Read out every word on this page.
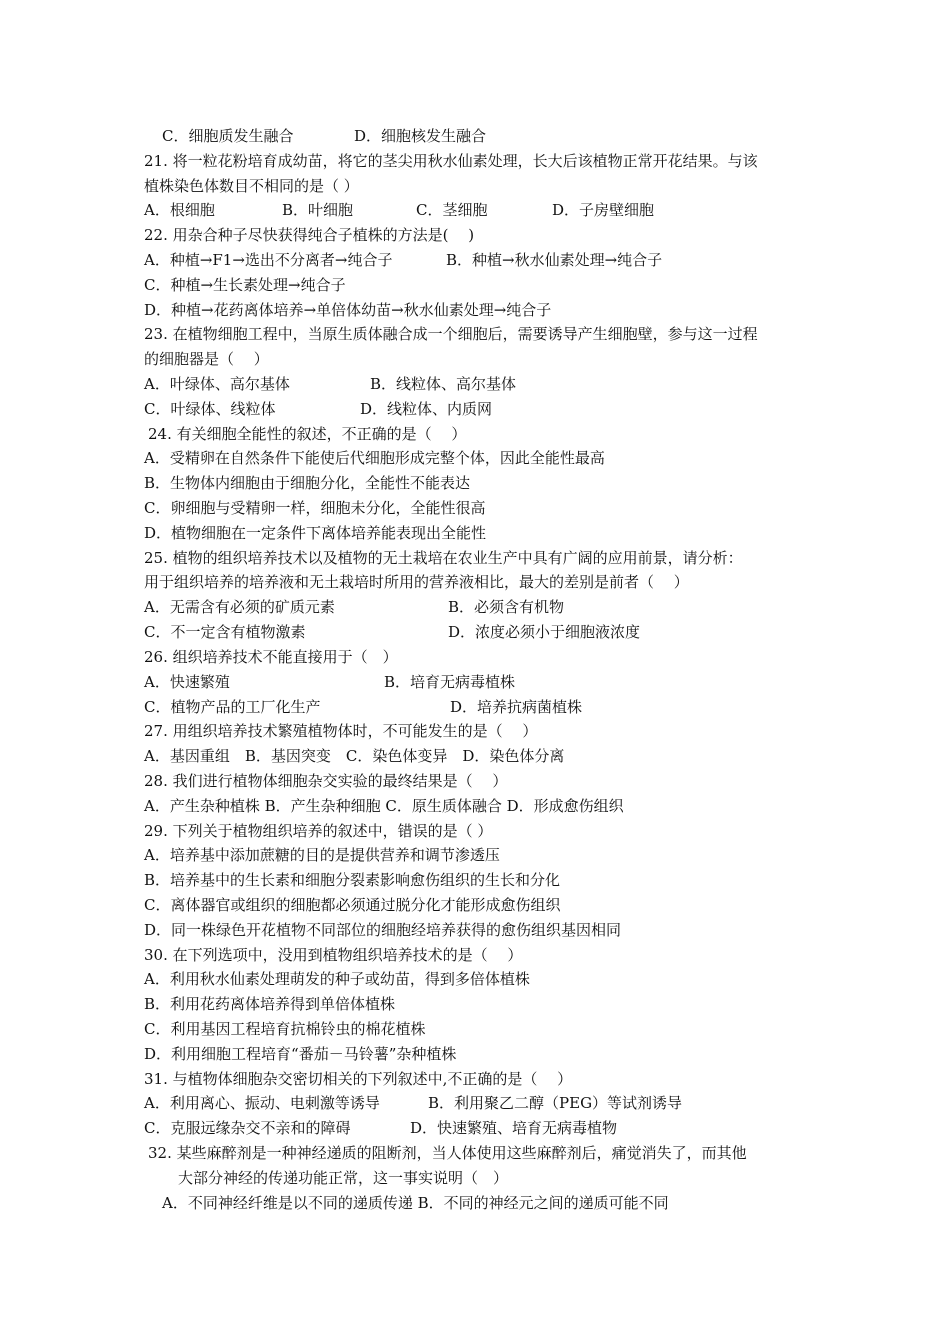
C．细胞质发生融合	D．细胞核发生融合
21. 将一粒花粉培育成幼苗，将它的茎尖用秋水仙素处理，长大后该植物正常开花结果。与该
植株染色体数目不相同的是（ ）
A．根细胞	B．叶细胞	C．茎细胞	D．子房壁细胞
22. 用杂合种子尽快获得纯合子植株的方法是(　 )
A．种植→F1→选出不分离者→纯合子	B．种植→秋水仙素处理→纯合子
C．种植→生长素处理→纯合子
D．种植→花药离体培养→单倍体幼苗→秋水仙素处理→纯合子
23. 在植物细胞工程中，当原生质体融合成一个细胞后，需要诱导产生细胞壁，参与这一过程
的细胞器是（　 ）
A．叶绿体、高尔基体	B．线粒体、高尔基体
C．叶绿体、线粒体	D．线粒体、内质网
24. 有关细胞全能性的叙述，不正确的是（　 ）
A．受精卵在自然条件下能使后代细胞形成完整个体，因此全能性最高
B．生物体内细胞由于细胞分化，全能性不能表达
C．卵细胞与受精卵一样，细胞未分化，全能性很高
D．植物细胞在一定条件下离体培养能表现出全能性
25. 植物的组织培养技术以及植物的无土栽培在农业生产中具有广阔的应用前景，请分析：
用于组织培养的培养液和无土栽培时所用的营养液相比，最大的差别是前者（　 ）
A．无需含有必须的矿质元素	B．必须含有机物
C．不一定含有植物激素	D．浓度必须小于细胞液浓度
26. 组织培养技术不能直接用于（　）
A．快速繁殖	B．培育无病毒植株
C．植物产品的工厂化生产	D．培养抗病菌植株
27. 用组织培养技术繁殖植物体时，不可能发生的是（　 ）
A．基因重组　B．基因突变　C．染色体变异　D．染色体分离
28. 我们进行植物体细胞杂交实验的最终结果是（　 ）
A．产生杂种植株 B．产生杂种细胞 C．原生质体融合 D．形成愈伤组织
29. 下列关于植物组织培养的叙述中，错误的是（ ）
A．培养基中添加蔗糖的目的是提供营养和调节渗透压
B．培养基中的生长素和细胞分裂素影响愈伤组织的生长和分化
C．离体器官或组织的细胞都必须通过脱分化才能形成愈伤组织
D．同一株绿色开花植物不同部位的细胞经培养获得的愈伤组织基因相同
30. 在下列选项中，没用到植物组织培养技术的是（　 ）
A．利用秋水仙素处理萌发的种子或幼苗，得到多倍体植株
B．利用花药离体培养得到单倍体植株
C．利用基因工程培育抗棉铃虫的棉花植株
D．利用细胞工程培育“番茄－马铃薯”杂种植株
31. 与植物体细胞杂交密切相关的下列叙述中,不正确的是（　 ）
A．利用离心、振动、电刺激等诱导	B．利用聚乙二醇（PEG）等试剂诱导
C．克服远缘杂交不亲和的障碍	D．快速繁殖、培育无病毒植物
32. 某些麻醉剂是一种神经递质的阻断剂，当人体使用这些麻醉剂后，痛觉消失了，而其他
大部分神经的传递功能正常，这一事实说明（　）
A．不同神经纤维是以不同的递质传递 B．不同的神经元之间的递质可能不同
